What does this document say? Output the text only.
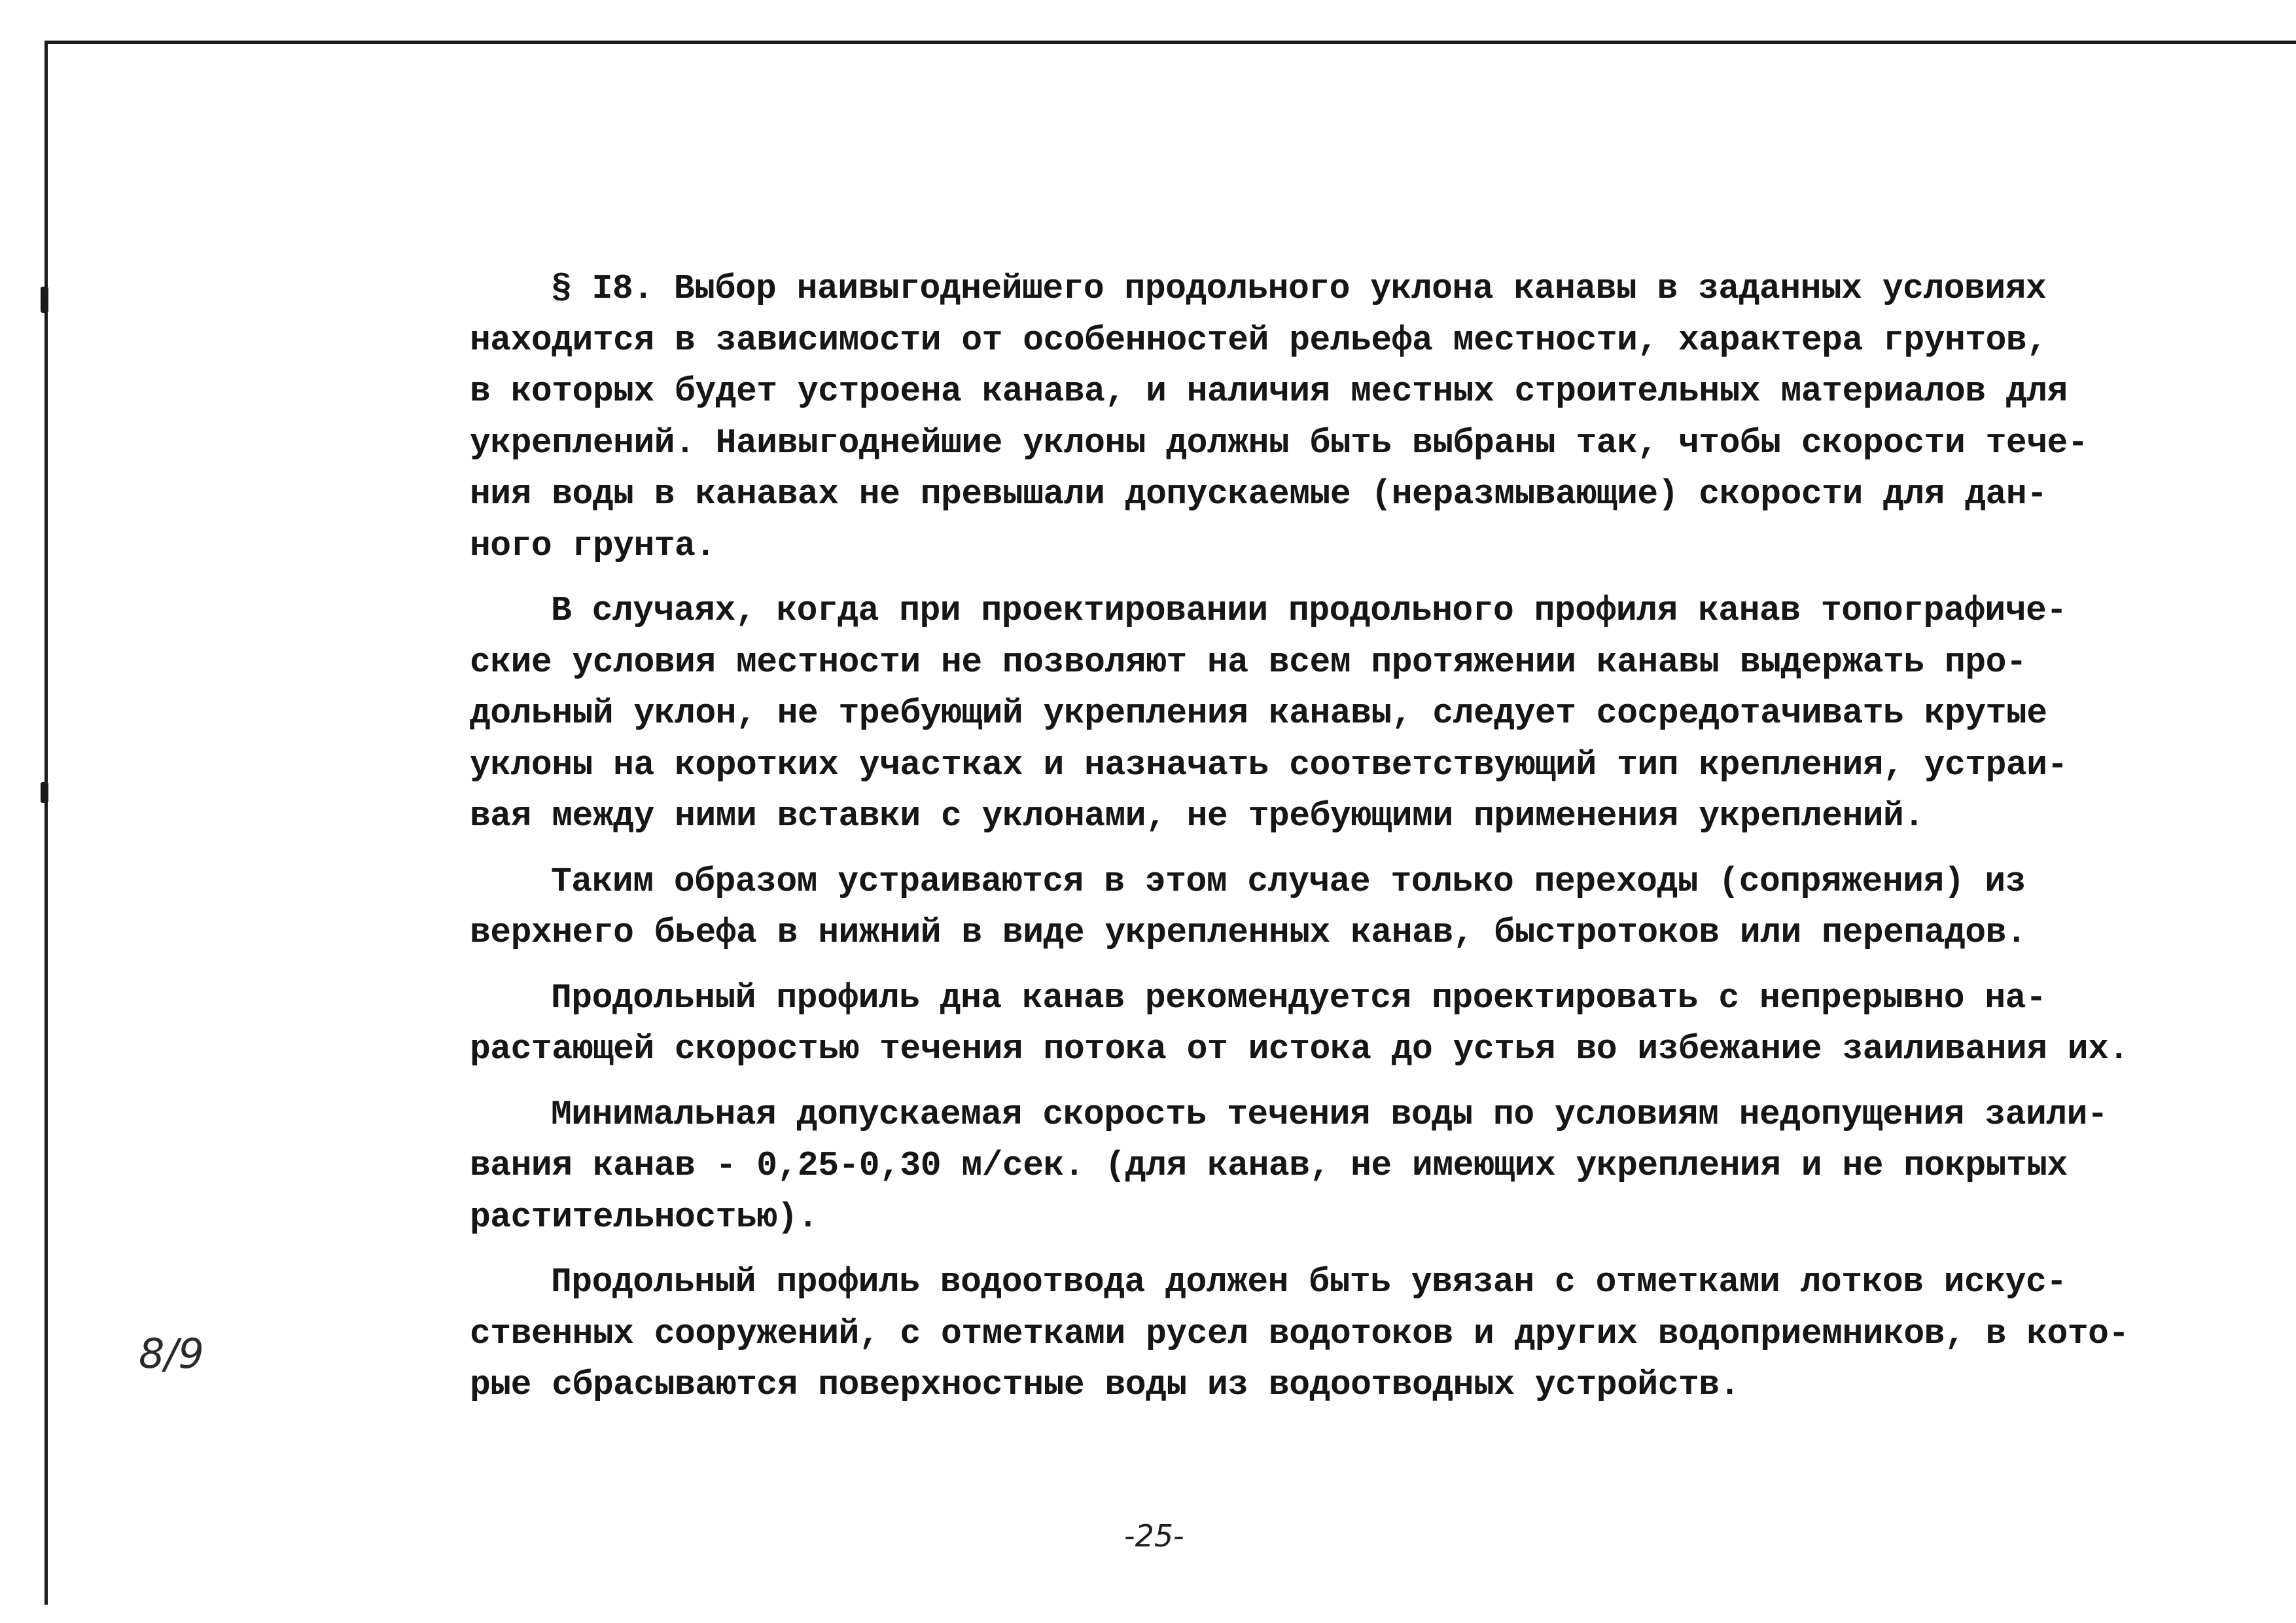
§ I8. Выбор наивыгоднейшего продольного уклона канавы в заданных условиях
находится в зависимости от особенностей рельефа местности, характера грунтов,
в которых будет устроена канава, и наличия местных строительных материалов для
укреплений. Наивыгоднейшие уклоны должны быть выбраны так, чтобы скорости тече-
ния воды в канавах не превышали допускаемые (неразмывающие) скорости для дан-
ного грунта.

В случаях, когда при проектировании продольного профиля канав топографиче-
ские условия местности не позволяют на всем протяжении канавы выдержать про-
дольный уклон, не требующий укрепления канавы, следует сосредотачивать крутые
уклоны на коротких участках и назначать соответствующий тип крепления, устраи-
вая между ними вставки с уклонами, не требующими применения укреплений.

Таким образом устраиваются в этом случае только переходы (сопряжения) из
верхнего бьефа в нижний в виде укрепленных канав, быстротоков или перепадов.

Продольный профиль дна канав рекомендуется проектировать с непрерывно на-
растающей скоростью течения потока от истока до устья во избежание заиливания их.

Минимальная допускаемая скорость течения воды по условиям недопущения заили-
вания канав - 0,25-0,30 м/сек. (для канав, не имеющих укрепления и не покрытых
растительностью).

Продольный профиль водоотвода должен быть увязан с отметками лотков искус-
ственных сооружений, с отметками русел водотоков и других водоприемников, в кото-
рые сбрасываются поверхностные воды из водоотводных устройств.

8/9
-25-
